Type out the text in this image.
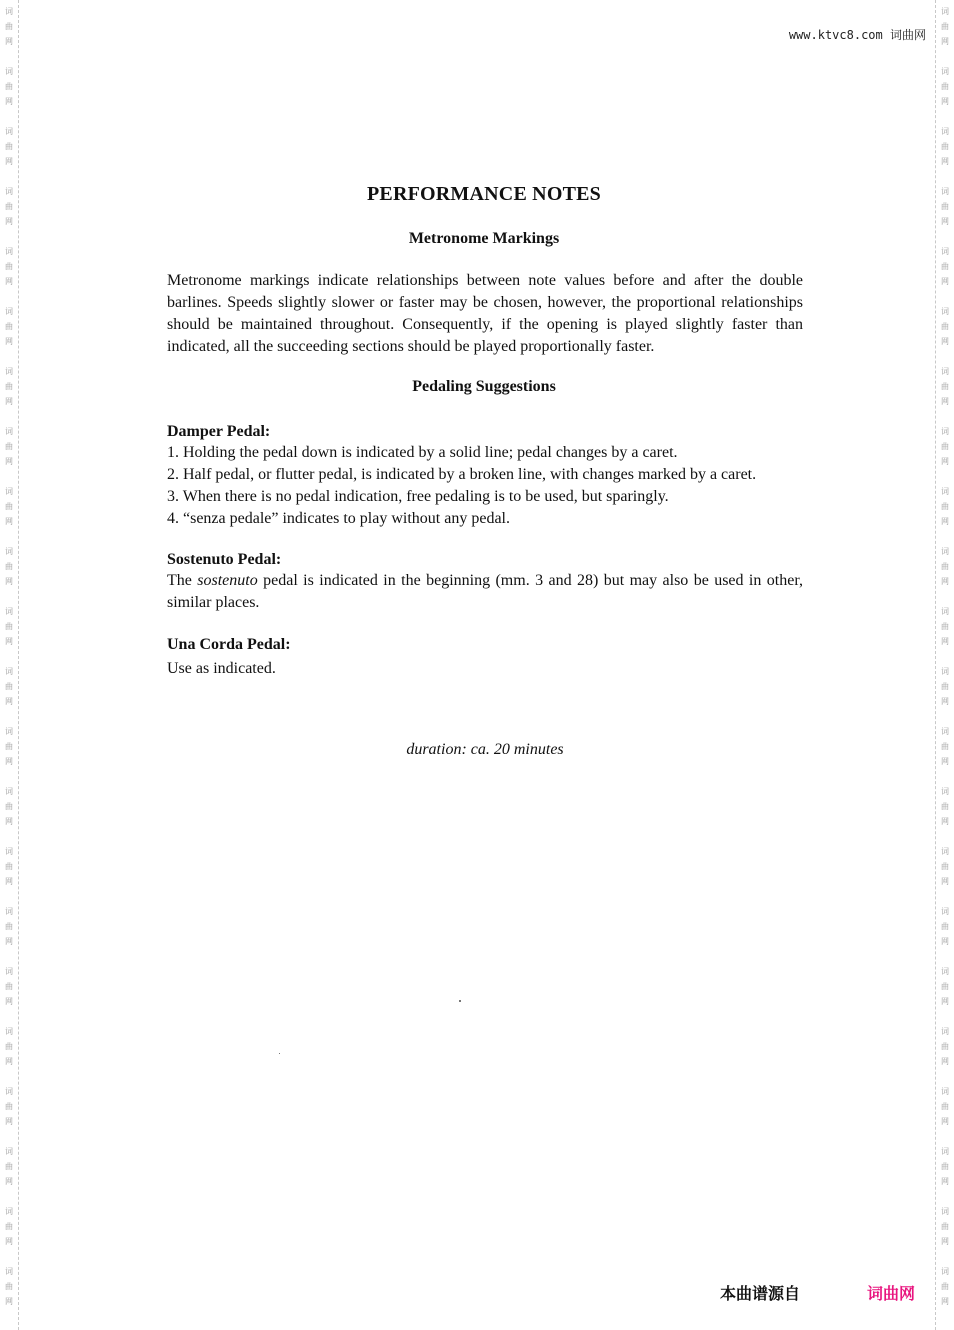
词
曲
网
词
曲
网
词
曲
网
词
曲
网
词
曲
网
词
曲
网
词
曲
网
词
曲
网
词
曲
网
词
曲
网
词
曲
网
词
曲
网
词
曲
网
词
曲
网
词
曲
网
词
曲
网
词
曲
网
词
曲
网
词
曲
网
词
曲
网
词
曲
网
词
曲
网
词
曲
网
词
曲
网
词
曲
网
词
曲
网
词
曲
网
词
曲
网
词
曲
网
词
曲
网
词
曲
网
词
曲
网
词
曲
网
词
曲
网
词
曲
网
词
曲
网
词
曲
网
词
曲
网
词
曲
网
词
曲
网
词
曲
网
词
曲
网
词
曲
网
词
曲
网
www.ktvc8.com 词曲网
PERFORMANCE NOTES
Metronome Markings

Metronome markings indicate relationships between note values before and after the double barlines. Speeds slightly slower or faster may be chosen, however, the proportional relationships should be maintained throughout. Consequently, if the opening is played slightly faster than indicated, all the succeeding sections should be played proportionally faster.

Pedaling Suggestions
Damper Pedal:
1. Holding the pedal down is indicated by a solid line; pedal changes by a caret.
2. Half pedal, or flutter pedal, is indicated by a broken line, with changes marked by a caret.
3. When there is no pedal indication, free pedaling is to be used, but sparingly.
4. “senza pedale” indicates to play without any pedal.
Sostenuto Pedal:

The sostenuto pedal is indicated in the beginning (mm. 3 and 28) but may also be used in other, similar places.

Una Corda Pedal:

Use as indicated.

duration: ca. 20 minutes

本曲谱源自	词曲网
